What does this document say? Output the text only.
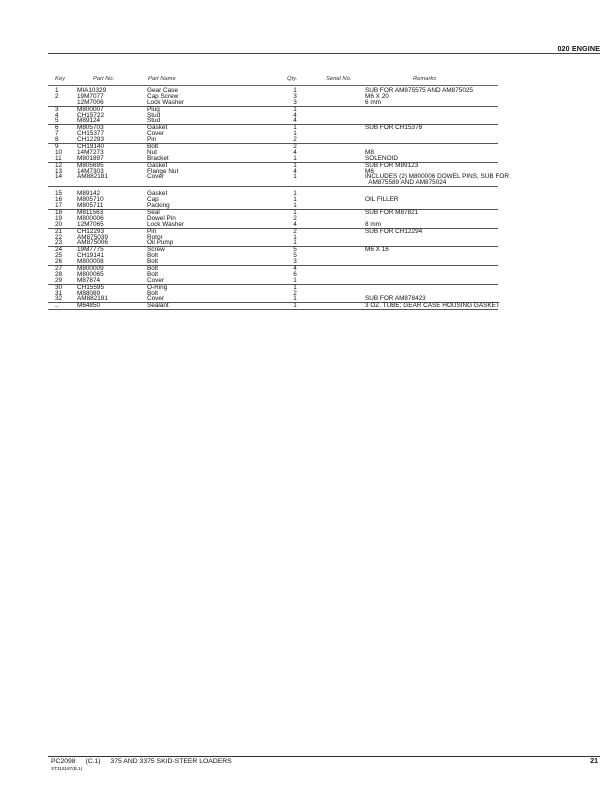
020 ENGINE
Key	Part No.	Part Name	Qty.	Serial No.	Remarks
1	MIA10329	Gear Case	1	SUB FOR AM875575 AND AM875025
2	19M7077	Cap Screw	3	M6 X 20
12M7006	Lock Washer	3	6 mm
3	M800007	Plug	1
4	CH15722	Stud	4
5	M89124	Stud	4
6	M805703	Gasket	1	SUB FOR CH15378
7	CH15377	Cover	1
8	CH12293	Pin	2
9	CH19140	Bolt	2
10 14M7273	Nut	4	M8
11 M801897	Bracket	1	SOLENOID
12 M805695	Gasket	1	SUB FOR M89123
13 14M7303	Flange Nut	4	M6
14 AM882181	Cover	1	INCLUDES (2) M800006 DOWEL PINS, SUB FOR
AM875589 AND AM875024
15 M89142	Gasket	1
16 M805710	Cap	1	OIL FILLER
17 M805711	Packing	1
18 M811563	Seal	1	SUB FOR M87821
19 M800006	Dowel Pin	2
20 12M7065	Lock Washer	4	8 mm
21 CH12293	Pin	2	SUB FOR CH12294
22 AM875039	Rotor	1
23 AM875006	Oil Pump	1
24 19M7775	Screw	5	M6 X 16
25 CH19141	Bolt	5
26 M800008	Bolt	3
27 M800009	Bolt	4
28 M800065	Bolt	6
29 M87874	Cover	1
30 CH15595	O-Ring	1
31 M88089	Bolt	2
32 AM882181	Cover	1	SUB FOR AM878423
..	M64850	Sealant	1	3 OZ. TUBE; GEAR CASE HOUSING GASKET
PC2098 (C.1) 375 AND 3375 SKID-STEER LOADERS
ST316187(B.1)
21
